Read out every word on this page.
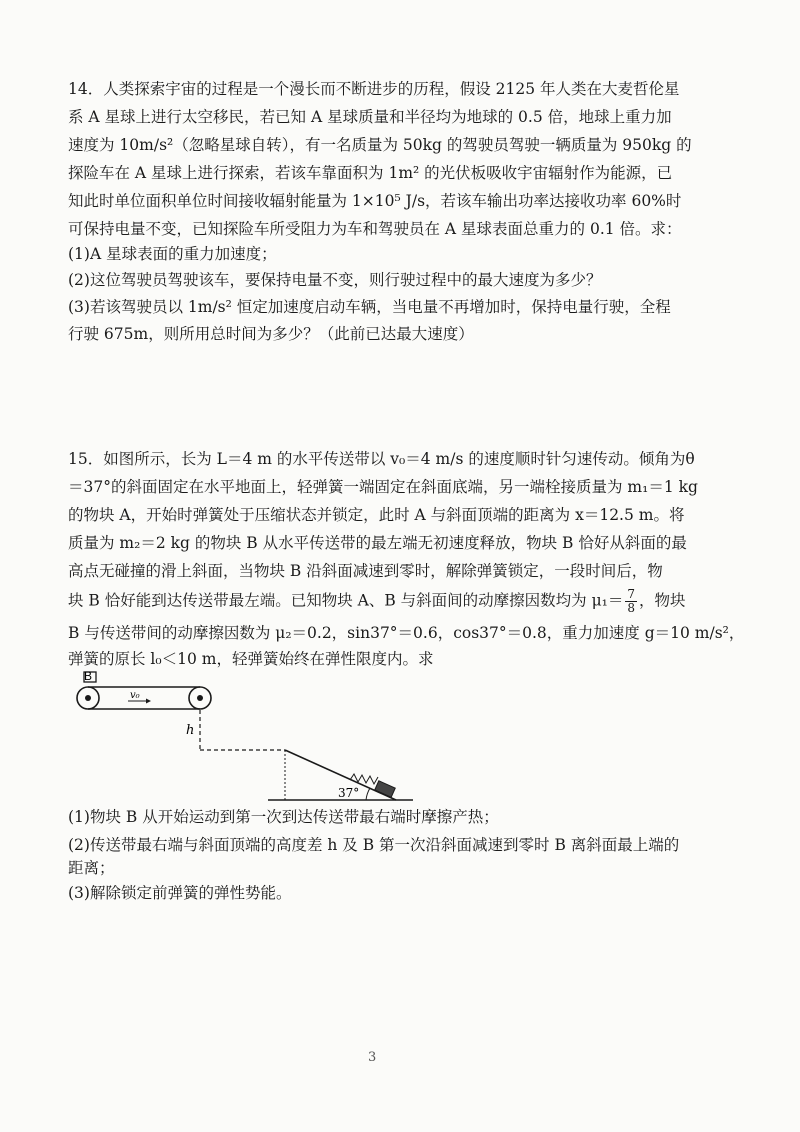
14．人类探索宇宙的过程是一个漫长而不断进步的历程，假设 2125 年人类在大麦哲伦星
系 A 星球上进行太空移民，若已知 A 星球质量和半径均为地球的 0.5 倍，地球上重力加
速度为 10m/s²（忽略星球自转），有一名质量为 50kg 的驾驶员驾驶一辆质量为 950kg 的
探险车在 A 星球上进行探索，若该车靠面积为 1m² 的光伏板吸收宇宙辐射作为能源，已
知此时单位面积单位时间接收辐射能量为 1×10⁵ J/s，若该车输出功率达接收功率 60%时
可保持电量不变，已知探险车所受阻力为车和驾驶员在 A 星球表面总重力的 0.1 倍。求：
(1)A 星球表面的重力加速度；
(2)这位驾驶员驾驶该车，要保持电量不变，则行驶过程中的最大速度为多少？
(3)若该驾驶员以 1m/s² 恒定加速度启动车辆，当电量不再增加时，保持电量行驶，全程
行驶 675m，则所用总时间为多少？（此前已达最大速度）
15．如图所示，长为 L＝4 m 的水平传送带以 v₀＝4 m/s 的速度顺时针匀速传动。倾角为θ
＝37°的斜面固定在水平地面上，轻弹簧一端固定在斜面底端，另一端栓接质量为 m₁＝1 kg
的物块 A，开始时弹簧处于压缩状态并锁定，此时 A 与斜面顶端的距离为 x＝12.5 m。将
质量为 m₂＝2 kg 的物块 B 从水平传送带的最左端无初速度释放，物块 B 恰好从斜面的最
高点无碰撞的滑上斜面，当物块 B 沿斜面减速到零时，解除弹簧锁定，一段时间后，物
块 B 恰好能到达传送带最左端。已知物块 A、B 与斜面间的动摩擦因数均为 $\mu_1= \frac{7}{8}$ ，物块
B 与传送带间的动摩擦因数为 μ₂＝0.2，sin37°＝0.6，cos37°＝0.8，重力加速度 g＝10 m/s²，
弹簧的原长 l₀＜10 m，轻弹簧始终在弹性限度内。求
B
v₀
h
37°
(1)物块 B 从开始运动到第一次到达传送带最右端时摩擦产热；
(2)传送带最右端与斜面顶端的高度差 h 及 B 第一次沿斜面减速到零时 B 离斜面最上端的
距离；
(3)解除锁定前弹簧的弹性势能。
3
